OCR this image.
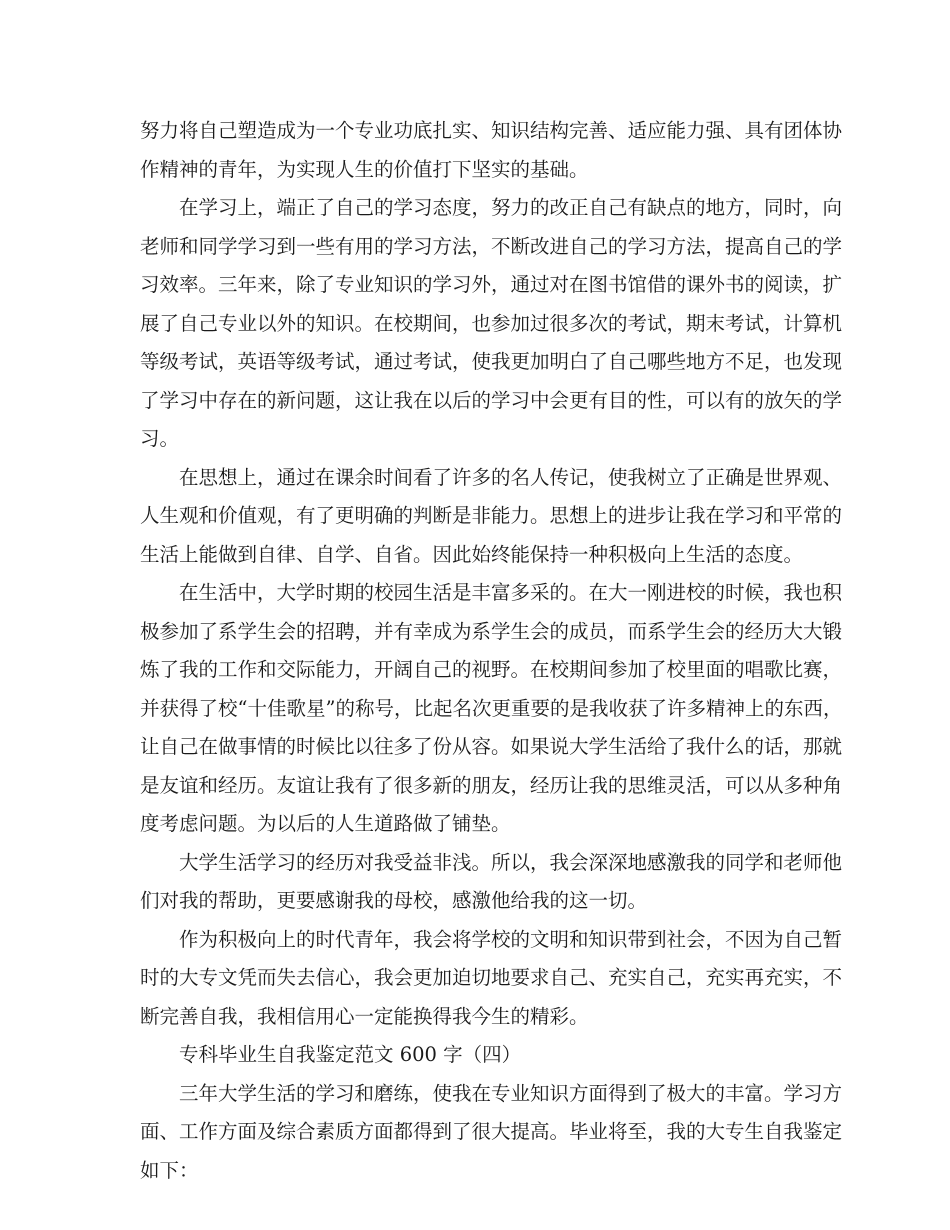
努力将自己塑造成为一个专业功底扎实、知识结构完善、适应能力强、具有团体协
作精神的青年，为实现人生的价值打下坚实的基础。
在学习上，端正了自己的学习态度，努力的改正自己有缺点的地方，同时，向
老师和同学学习到一些有用的学习方法，不断改进自己的学习方法，提高自己的学
习效率。三年来，除了专业知识的学习外，通过对在图书馆借的课外书的阅读，扩
展了自己专业以外的知识。在校期间，也参加过很多次的考试，期末考试，计算机
等级考试，英语等级考试，通过考试，使我更加明白了自己哪些地方不足，也发现
了学习中存在的新问题，这让我在以后的学习中会更有目的性，可以有的放矢的学
习。
在思想上，通过在课余时间看了许多的名人传记，使我树立了正确是世界观、
人生观和价值观，有了更明确的判断是非能力。思想上的进步让我在学习和平常的
生活上能做到自律、自学、自省。因此始终能保持一种积极向上生活的态度。
在生活中，大学时期的校园生活是丰富多采的。在大一刚进校的时候，我也积
极参加了系学生会的招聘，并有幸成为系学生会的成员，而系学生会的经历大大锻
炼了我的工作和交际能力，开阔自己的视野。在校期间参加了校里面的唱歌比赛，
并获得了校“十佳歌星”的称号，比起名次更重要的是我收获了许多精神上的东西，
让自己在做事情的时候比以往多了份从容。如果说大学生活给了我什么的话，那就
是友谊和经历。友谊让我有了很多新的朋友，经历让我的思维灵活，可以从多种角
度考虑问题。为以后的人生道路做了铺垫。
大学生活学习的经历对我受益非浅。所以，我会深深地感激我的同学和老师他
们对我的帮助，更要感谢我的母校，感激他给我的这一切。
作为积极向上的时代青年，我会将学校的文明和知识带到社会，不因为自己暂
时的大专文凭而失去信心，我会更加迫切地要求自己、充实自己，充实再充实，不
断完善自我，我相信用心一定能换得我今生的精彩。
专科毕业生自我鉴定范文 600 字（四）
三年大学生活的学习和磨练，使我在专业知识方面得到了极大的丰富。学习方
面、工作方面及综合素质方面都得到了很大提高。毕业将至，我的大专生自我鉴定
如下：
